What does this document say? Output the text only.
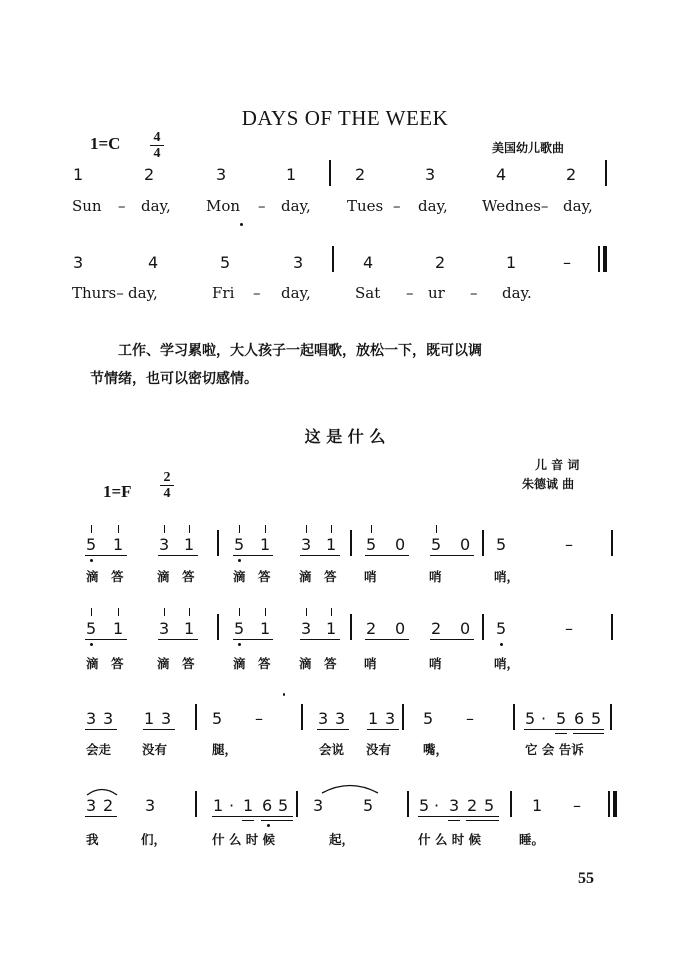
DAYS OF THE WEEK
1=C 4
4	美国幼儿歌曲
1	2	3	1	2	3	4	2
Sun – day, Mon – day, Tues – day, Wednes– day,
3	4	5	3	4	2	1	–
Thurs– day,	Fri – day,	Sat – ur – day.
工作、学习累啦，大人孩子一起唱歌，放松一下，既可以调
节情绪，也可以密切感情。
这 是 什 么
儿 音 词
朱德诚 曲
1=F
2
4
5 1 3 1 5 1 3 1 5 0 5 0 5	–
滴 答	滴 答	滴 答 滴 答 哨	哨	哨，
5 1 3 1 5 1 3 1 2 0 2 0 5	–
滴 答	滴 答	滴 答 滴 答 哨	哨	哨，
3 3 1 3	5 –	3 3 1 3 5 –	5 · 5 6 5
会走 没有	腿，	会说 没有	嘴，	它 会 告诉
3 2 3	1 · 1 6 5 3 5	5 · 3 2 5 1 –
我	们，	什 么 时 候	起，	什 么 时 候	睡。
55
